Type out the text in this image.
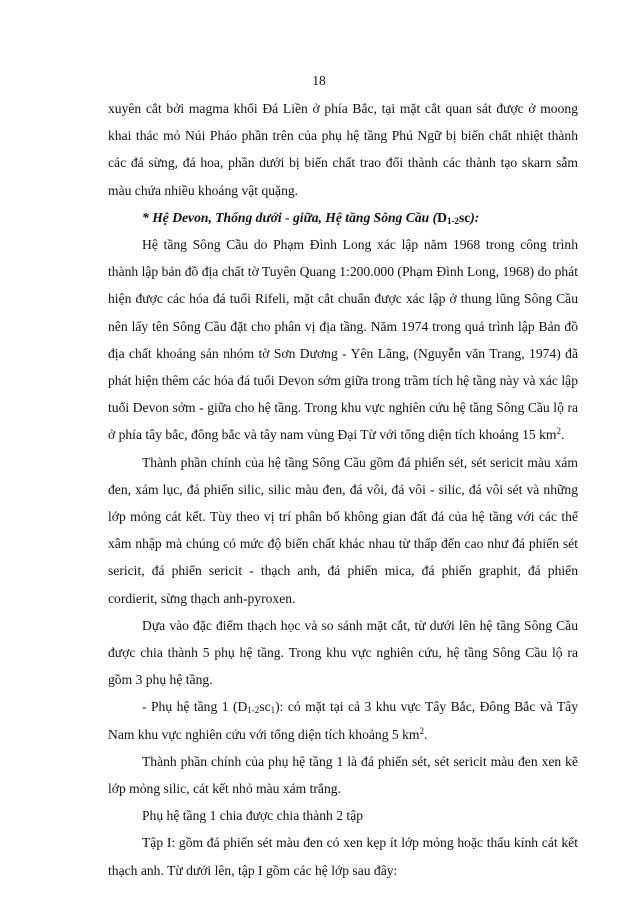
18

xuyên cắt bởi magma khối Đá Liền ở phía Bắc, tại mặt cắt quan sát được ở moong khai thác mỏ Núi Pháo phần trên của phụ hệ tầng Phú Ngữ bị biến chất nhiệt thành các đá sừng, đá hoa, phần dưới bị biến chất trao đổi thành các thành tạo skarn sẫm màu chứa nhiều khoáng vật quặng.

* Hệ Devon, Thống dưới - giữa, Hệ tầng Sông Cầu $(D_{1-2}sc)$:

Hệ tầng Sông Cầu do Phạm Đình Long xác lập năm 1968 trong công trình thành lập bản đồ địa chất tờ Tuyên Quang 1:200.000 (Phạm Đình Long, 1968) do phát hiện được các hóa đá tuổi Rifeli, mặt cắt chuẩn được xác lập ở thung lũng Sông Cầu nên lấy tên Sông Cầu đặt cho phân vị địa tầng. Năm 1974 trong quá trình lập Bản đồ địa chất khoáng sản nhóm tờ Sơn Dương - Yên Lãng, (Nguyễn văn Trang, 1974) đã phát hiện thêm các hóa đá tuổi Devon sớm giữa trong trầm tích hệ tầng này và xác lập tuổi Devon sớm - giữa cho hệ tầng. Trong khu vực nghiên cứu hệ tầng Sông Cầu lộ ra ở phía tây bắc, đông bắc và tây nam vùng Đại Từ với tổng diện tích khoảng 15 $km^2$.

Thành phần chính của hệ tầng Sông Cầu gồm đá phiến sét, sét sericit màu xám đen, xám lục, đá phiến silic, silic màu đen, đá vôi, đá vôi - silic, đá vôi sét và những lớp mỏng cát kết. Tùy theo vị trí phân bố không gian đất đá của hệ tầng với các thể xâm nhập mà chúng có mức độ biến chất khác nhau từ thấp đến cao như đá phiến sét sericit, đá phiến sericit - thạch anh, đá phiến mica, đá phiến graphit, đá phiến cordierit, sừng thạch anh-pyroxen.

Dựa vào đặc điểm thạch học và so sánh mặt cắt, từ dưới lên hệ tầng Sông Cầu được chia thành 5 phụ hệ tầng. Trong khu vực nghiên cứu, hệ tầng Sông Cầu lộ ra gồm 3 phụ hệ tầng.

- Phụ hệ tầng 1 $(D_{1-2}sc_1)$: có mặt tại cả 3 khu vực Tây Bắc, Đông Bắc và Tây Nam khu vực nghiên cứu với tổng diện tích khoảng 5 $km^2$.

Thành phần chính của phụ hệ tầng 1 là đá phiến sét, sét sericit màu đen xen kẽ lớp mỏng silic, cát kết nhỏ màu xám trắng.

Phụ hệ tầng 1 chia được chia thành 2 tập

Tập I: gồm đá phiến sét màu đen có xen kẹp ít lớp mỏng hoặc thấu kính cát kết thạch anh. Từ dưới lên, tập I gồm các hệ lớp sau đây:
